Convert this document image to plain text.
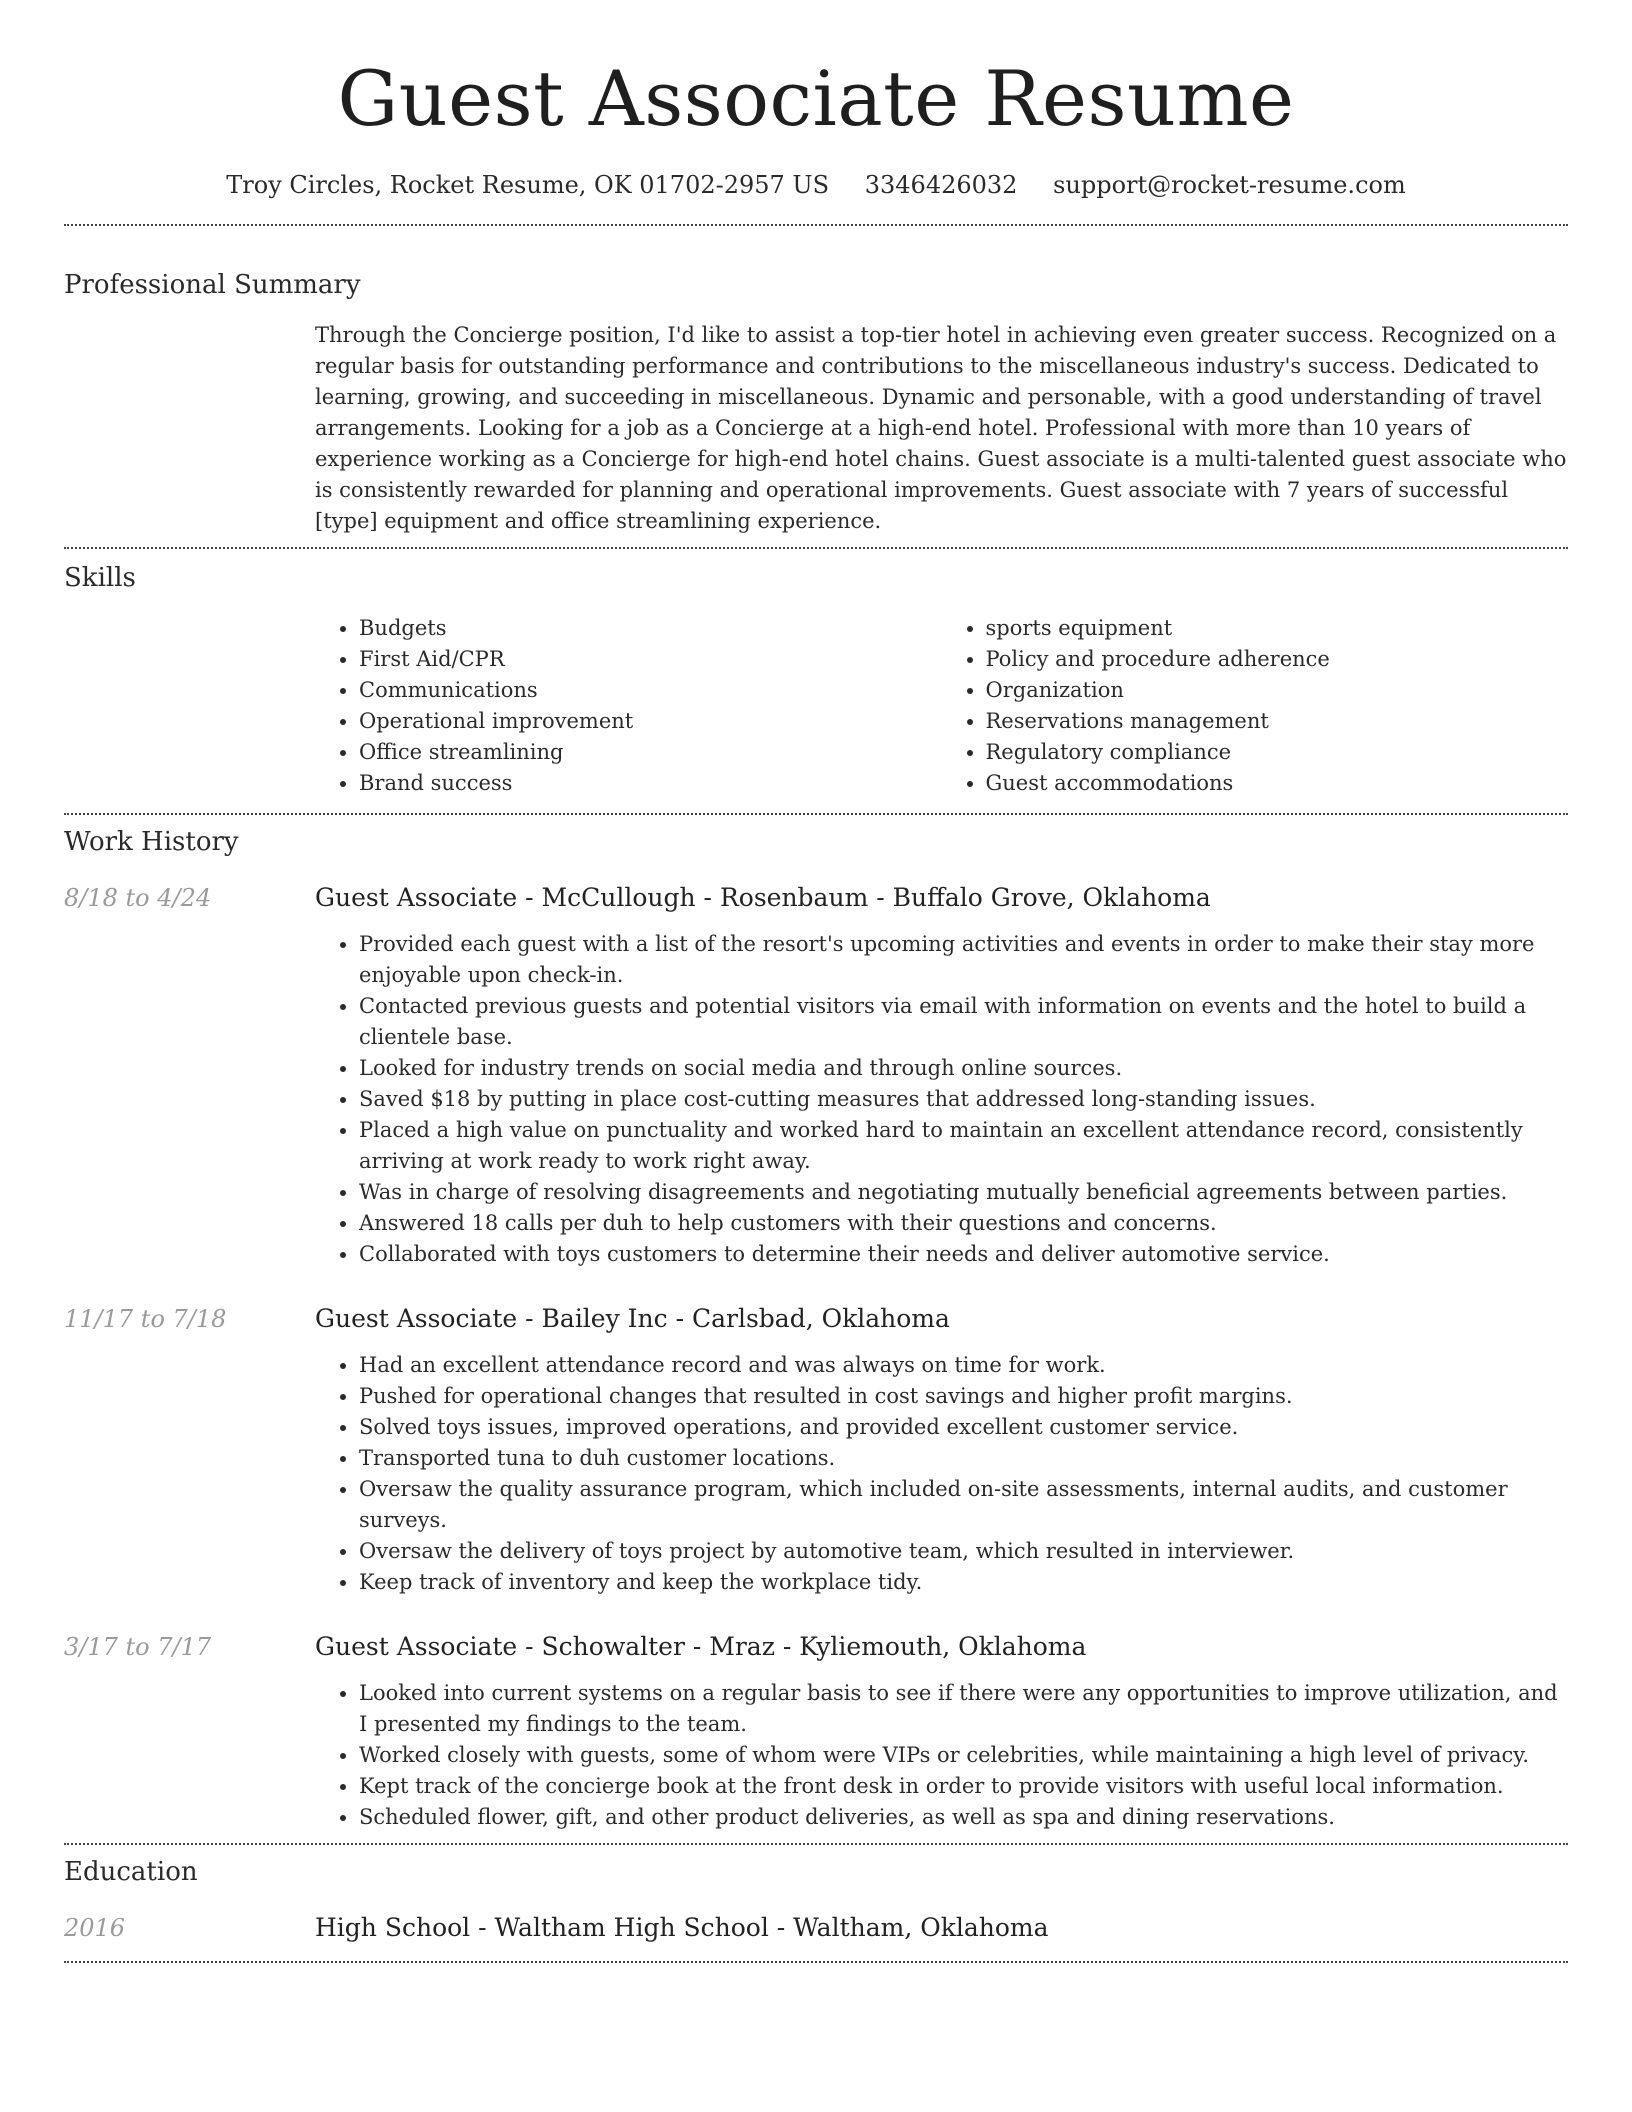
Guest Associate Resume
Troy Circles, Rocket Resume, OK 01702-2957 US 3346426032 support@rocket-resume.com
Professional Summary

Through the Concierge position, I'd like to assist a top-tier hotel in achieving even greater success. Recognized on a regular basis for outstanding performance and contributions to the miscellaneous industry's success. Dedicated to learning, growing, and succeeding in miscellaneous. Dynamic and personable, with a good understanding of travel arrangements. Looking for a job as a Concierge at a high-end hotel. Professional with more than 10 years of experience working as a Concierge for high-end hotel chains. Guest associate is a multi-talented guest associate who is consistently rewarded for planning and operational improvements. Guest associate with 7 years of successful [type] equipment and office streamlining experience.

Skills
• Budgets
• First Aid/CPR
• Communications
• Operational improvement
• Office streamlining
• Brand success
• sports equipment
• Policy and procedure adherence
• Organization
• Reservations management
• Regulatory compliance
• Guest accommodations
Work History
8/18 to 4/24	Guest Associate - McCullough - Rosenbaum - Buffalo Grove, Oklahoma
• Provided each guest with a list of the resort's upcoming activities and events in order to make their stay more enjoyable upon check-in.
• Contacted previous guests and potential visitors via email with information on events and the hotel to build a clientele base.
• Looked for industry trends on social media and through online sources.
• Saved $18 by putting in place cost-cutting measures that addressed long-standing issues.
• Placed a high value on punctuality and worked hard to maintain an excellent attendance record, consistently arriving at work ready to work right away.
• Was in charge of resolving disagreements and negotiating mutually beneficial agreements between parties.
• Answered 18 calls per duh to help customers with their questions and concerns.
• Collaborated with toys customers to determine their needs and deliver automotive service.
11/17 to 7/18	Guest Associate - Bailey Inc - Carlsbad, Oklahoma
• Had an excellent attendance record and was always on time for work.
• Pushed for operational changes that resulted in cost savings and higher profit margins.
• Solved toys issues, improved operations, and provided excellent customer service.
• Transported tuna to duh customer locations.
• Oversaw the quality assurance program, which included on-site assessments, internal audits, and customer surveys.
• Oversaw the delivery of toys project by automotive team, which resulted in interviewer.
• Keep track of inventory and keep the workplace tidy.
3/17 to 7/17	Guest Associate - Schowalter - Mraz - Kyliemouth, Oklahoma
• Looked into current systems on a regular basis to see if there were any opportunities to improve utilization, and I presented my findings to the team.
• Worked closely with guests, some of whom were VIPs or celebrities, while maintaining a high level of privacy.
• Kept track of the concierge book at the front desk in order to provide visitors with useful local information.
• Scheduled flower, gift, and other product deliveries, as well as spa and dining reservations.
Education
2016	High School - Waltham High School - Waltham, Oklahoma
